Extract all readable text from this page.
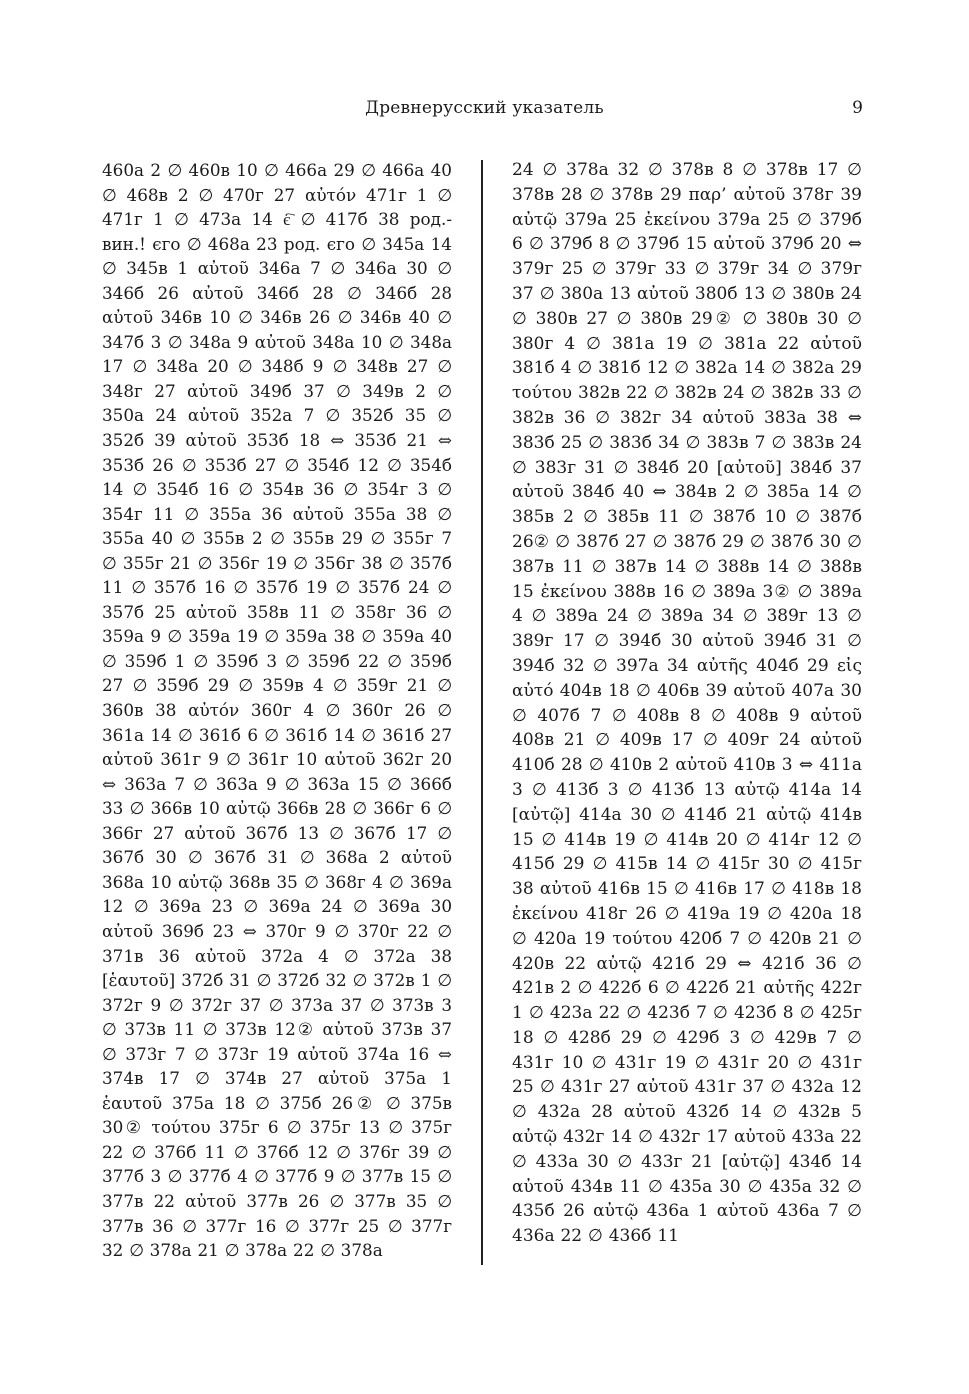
Древнерусский указатель	9
460а 2 ∅ 460в 10 ∅ 466а 29 ∅ 466а 40 ∅ 468в 2 ∅ 470г 27 αὐτόν 471г 1 ∅ 471г 1 ∅ 473а 14 є҇ ∅ 417б 38 род.-вин.! єго ∅ 468а 23 род. єго ∅ 345а 14 ∅ 345в 1 αὐτοῦ 346а 7 ∅ 346а 30 ∅ 346б 26 αὐτοῦ 346б 28 ∅ 346б 28 αὐτοῦ 346в 10 ∅ 346в 26 ∅ 346в 40 ∅ 347б 3 ∅ 348а 9 αὐτοῦ 348а 10 ∅ 348а 17 ∅ 348а 20 ∅ 348б 9 ∅ 348в 27 ∅ 348г 27 αὐτοῦ 349б 37 ∅ 349в 2 ∅ 350а 24 αὐτοῦ 352а 7 ∅ 352б 35 ∅ 352б 39 αὐτοῦ 353б 18 ⇔ 353б 21 ⇔ 353б 26 ∅ 353б 27 ∅ 354б 12 ∅ 354б 14 ∅ 354б 16 ∅ 354в 36 ∅ 354г 3 ∅ 354г 11 ∅ 355а 36 αὐτοῦ 355а 38 ∅ 355а 40 ∅ 355в 2 ∅ 355в 29 ∅ 355г 7 ∅ 355г 21 ∅ 356г 19 ∅ 356г 38 ∅ 357б 11 ∅ 357б 16 ∅ 357б 19 ∅ 357б 24 ∅ 357б 25 αὐτοῦ 358в 11 ∅ 358г 36 ∅ 359а 9 ∅ 359а 19 ∅ 359а 38 ∅ 359а 40 ∅ 359б 1 ∅ 359б 3 ∅ 359б 22 ∅ 359б 27 ∅ 359б 29 ∅ 359в 4 ∅ 359г 21 ∅ 360в 38 αὐτόν 360г 4 ∅ 360г 26 ∅ 361а 14 ∅ 361б 6 ∅ 361б 14 ∅ 361б 27 αὐτοῦ 361г 9 ∅ 361г 10 αὐτοῦ 362г 20 ⇔ 363а 7 ∅ 363а 9 ∅ 363а 15 ∅ 366б 33 ∅ 366в 10 αὐτῷ 366в 28 ∅ 366г 6 ∅ 366г 27 αὐτοῦ 367б 13 ∅ 367б 17 ∅ 367б 30 ∅ 367б 31 ∅ 368а 2 αὐτοῦ 368а 10 αὐτῷ 368в 35 ∅ 368г 4 ∅ 369а 12 ∅ 369а 23 ∅ 369а 24 ∅ 369а 30 αὐτοῦ 369б 23 ⇔ 370г 9 ∅ 370г 22 ∅ 371в 36 αὐτοῦ 372а 4 ∅ 372а 38 [ἑαυτοῦ] 372б 31 ∅ 372б 32 ∅ 372в 1 ∅ 372г 9 ∅ 372г 37 ∅ 373а 37 ∅ 373в 3 ∅ 373в 11 ∅ 373в 12② αὐτοῦ 373в 37 ∅ 373г 7 ∅ 373г 19 αὐτοῦ 374а 16 ⇔ 374в 17 ∅ 374в 27 αὐτοῦ 375а 1 ἑαυτοῦ 375а 18 ∅ 375б 26② ∅ 375в 30② τούτου 375г 6 ∅ 375г 13 ∅ 375г 22 ∅ 376б 11 ∅ 376б 12 ∅ 376г 39 ∅ 377б 3 ∅ 377б 4 ∅ 377б 9 ∅ 377в 15 ∅ 377в 22 αὐτοῦ 377в 26 ∅ 377в 35 ∅ 377в 36 ∅ 377г 16 ∅ 377г 25 ∅ 377г 32 ∅ 378а 21 ∅ 378а 22 ∅ 378а
24 ∅ 378а 32 ∅ 378в 8 ∅ 378в 17 ∅ 378в 28 ∅ 378в 29 παρ’ αὐτοῦ 378г 39 αὐτῷ 379а 25 ἐκείνου 379а 25 ∅ 379б 6 ∅ 379б 8 ∅ 379б 15 αὐτοῦ 379б 20 ⇔ 379г 25 ∅ 379г 33 ∅ 379г 34 ∅ 379г 37 ∅ 380а 13 αὐτοῦ 380б 13 ∅ 380в 24 ∅ 380в 27 ∅ 380в 29② ∅ 380в 30 ∅ 380г 4 ∅ 381а 19 ∅ 381а 22 αὐτοῦ 381б 4 ∅ 381б 12 ∅ 382а 14 ∅ 382а 29 τούτου 382в 22 ∅ 382в 24 ∅ 382в 33 ∅ 382в 36 ∅ 382г 34 αὐτοῦ 383а 38 ⇔ 383б 25 ∅ 383б 34 ∅ 383в 7 ∅ 383в 24 ∅ 383г 31 ∅ 384б 20 [αὐτοῦ] 384б 37 αὐτοῦ 384б 40 ⇔ 384в 2 ∅ 385а 14 ∅ 385в 2 ∅ 385в 11 ∅ 387б 10 ∅ 387б 26② ∅ 387б 27 ∅ 387б 29 ∅ 387б 30 ∅ 387в 11 ∅ 387в 14 ∅ 388в 14 ∅ 388в 15 ἐκείνου 388в 16 ∅ 389а 3② ∅ 389а 4 ∅ 389а 24 ∅ 389а 34 ∅ 389г 13 ∅ 389г 17 ∅ 394б 30 αὐτοῦ 394б 31 ∅ 394б 32 ∅ 397а 34 αὐτῆς 404б 29 εἰς αὐτό 404в 18 ∅ 406в 39 αὐτοῦ 407а 30 ∅ 407б 7 ∅ 408в 8 ∅ 408в 9 αὐτοῦ 408в 21 ∅ 409в 17 ∅ 409г 24 αὐτοῦ 410б 28 ∅ 410в 2 αὐτοῦ 410в 3 ⇔ 411а 3 ∅ 413б 3 ∅ 413б 13 αὐτῷ 414а 14 [αὐτῷ] 414а 30 ∅ 414б 21 αὐτῷ 414в 15 ∅ 414в 19 ∅ 414в 20 ∅ 414г 12 ∅ 415б 29 ∅ 415в 14 ∅ 415г 30 ∅ 415г 38 αὐτοῦ 416в 15 ∅ 416в 17 ∅ 418в 18 ἐκείνου 418г 26 ∅ 419а 19 ∅ 420а 18 ∅ 420а 19 τούτου 420б 7 ∅ 420в 21 ∅ 420в 22 αὐτῷ 421б 29 ⇔ 421б 36 ∅ 421в 2 ∅ 422б 6 ∅ 422б 21 αὐτῆς 422г 1 ∅ 423а 22 ∅ 423б 7 ∅ 423б 8 ∅ 425г 18 ∅ 428б 29 ∅ 429б 3 ∅ 429в 7 ∅ 431г 10 ∅ 431г 19 ∅ 431г 20 ∅ 431г 25 ∅ 431г 27 αὐτοῦ 431г 37 ∅ 432а 12 ∅ 432а 28 αὐτοῦ 432б 14 ∅ 432в 5 αὐτῷ 432г 14 ∅ 432г 17 αὐτοῦ 433а 22 ∅ 433а 30 ∅ 433г 21 [αὐτῷ] 434б 14 αὐτοῦ 434в 11 ∅ 435а 30 ∅ 435а 32 ∅ 435б 26 αὐτῷ 436а 1 αὐτοῦ 436а 7 ∅ 436а 22 ∅ 436б 11
